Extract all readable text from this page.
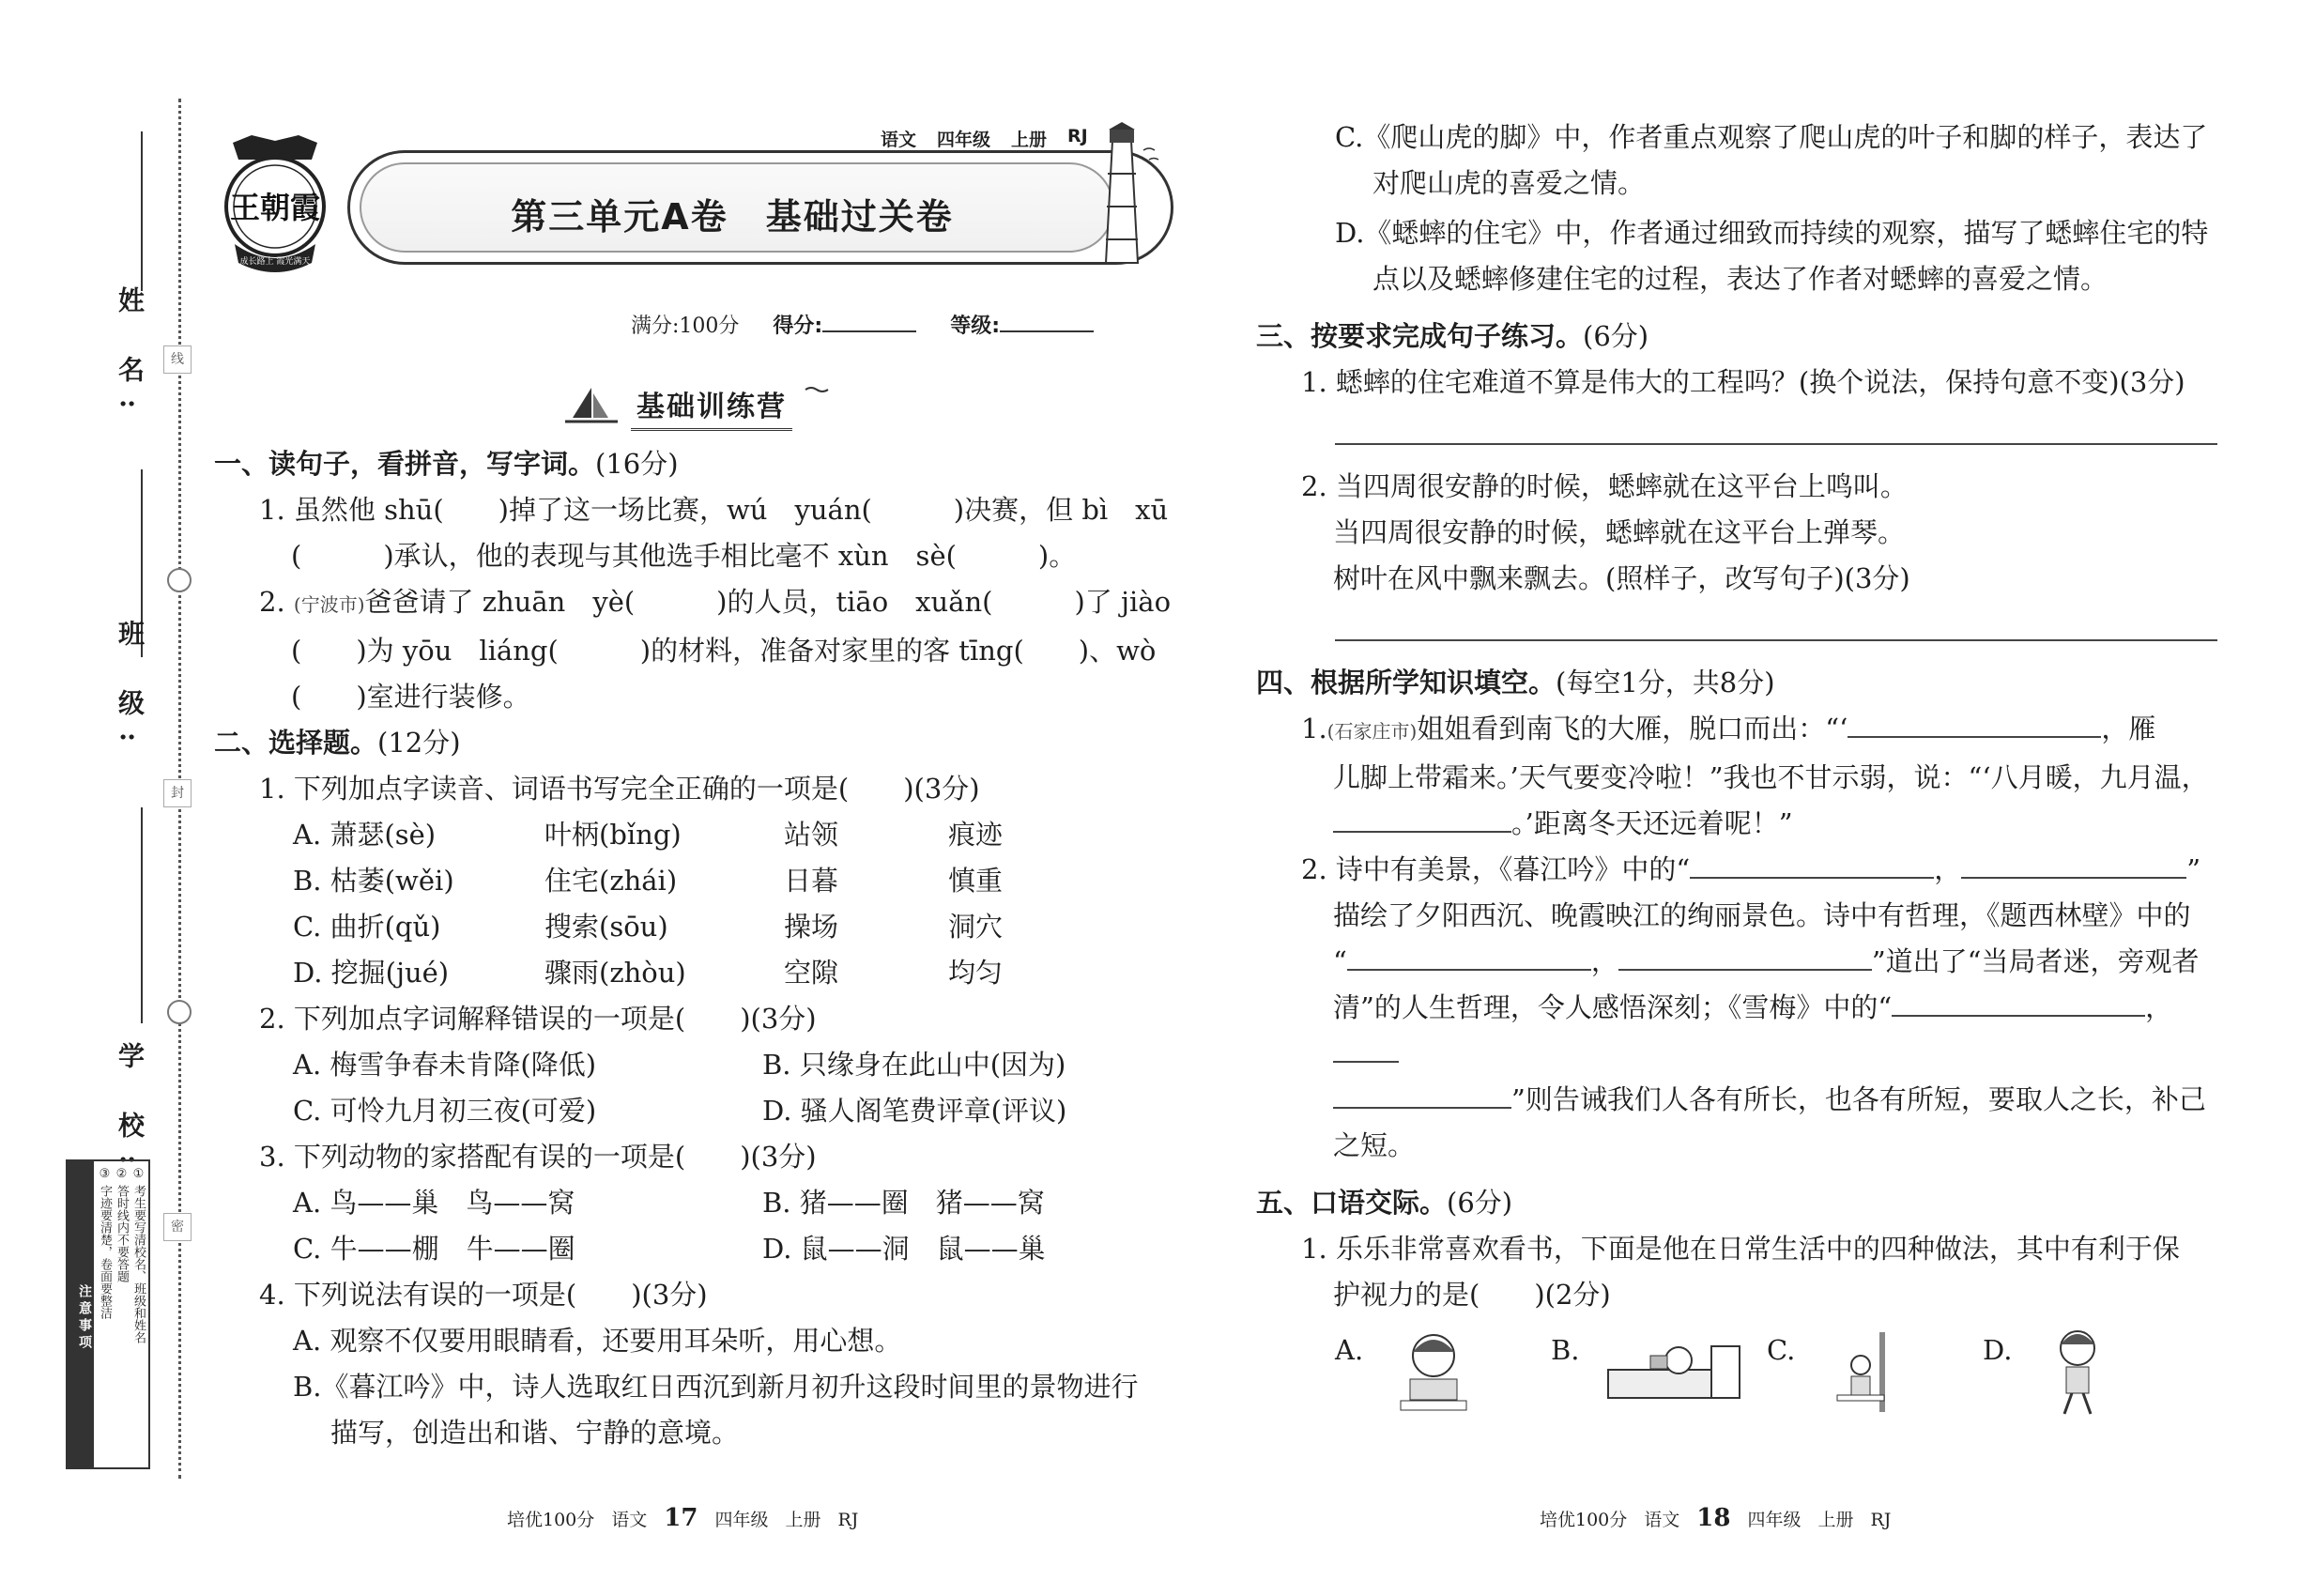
姓 名:
班 级:
学 校:
线
封
密
注意事项	① 考生要写清校名、班级和姓名
② 答时线内不要答题
③ 字迹要清楚，卷面要整洁
王朝霞
成长路上 霞光满天
语文 四年级 上册 RJ
第三单元A卷　基础过关卷
满分:100分 得分:	等级:
基础训练营
一、读句子，看拼音，写字词。(16分)
1. 虽然他 shū(　　)掉了这一场比赛，wú　yuán(　　　)决赛，但 bì　xū
(　　　)承认，他的表现与其他选手相比毫不 xùn　sè(　　　)。
2. (宁波市)爸爸请了 zhuān　yè(　　　)的人员，tiāo　xuǎn(　　　)了 jiào
(　　)为 yōu　liáng(　　　)的材料，准备对家里的客 tīng(　　)、wò
(　　)室进行装修。
二、选择题。(12分)
1. 下列加点字读音、词语书写完全正确的一项是(　　)(3分)
A. 萧瑟(sè)	叶柄(bǐng)	站领	痕迹
B. 枯萎(wěi)	住宅(zhái)	日暮	慎重
C. 曲折(qǔ)	搜索(sōu)	操场	洞穴
D. 挖掘(jué)	骤雨(zhòu)	空隙	均匀
2. 下列加点字词解释错误的一项是(　　)(3分)
A. 梅雪争春未肯降(降低)	B. 只缘身在此山中(因为)
C. 可怜九月初三夜(可爱)	D. 骚人阁笔费评章(评议)
3. 下列动物的家搭配有误的一项是(　　)(3分)
A. 鸟——巢　鸟——窝	B. 猪——圈　猪——窝
C. 牛——棚　牛——圈	D. 鼠——洞　鼠——巢
4. 下列说法有误的一项是(　　)(3分)
A. 观察不仅要用眼睛看，还要用耳朵听，用心想。
B.《暮江吟》中，诗人选取红日西沉到新月初升这段时间里的景物进行
描写，创造出和谐、宁静的意境。
C.《爬山虎的脚》中，作者重点观察了爬山虎的叶子和脚的样子，表达了
对爬山虎的喜爱之情。
D.《蟋蟀的住宅》中，作者通过细致而持续的观察，描写了蟋蟀住宅的特
点以及蟋蟀修建住宅的过程，表达了作者对蟋蟀的喜爱之情。
三、按要求完成句子练习。(6分)
1. 蟋蟀的住宅难道不算是伟大的工程吗？(换个说法，保持句意不变)(3分)
2. 当四周很安静的时候，蟋蟀就在这平台上鸣叫。
当四周很安静的时候，蟋蟀就在这平台上弹琴。
树叶在风中飘来飘去。(照样子，改写句子)(3分)
四、根据所学知识填空。(每空1分，共8分)
1.(石家庄市)姐姐看到南飞的大雁，脱口而出：“‘	，雁
儿脚上带霜来。’天气要变冷啦！”我也不甘示弱，说：“‘八月暖，九月温，
。’距离冬天还远着呢！”
2. 诗中有美景，《暮江吟》中的“	，	”
描绘了夕阳西沉、晚霞映江的绚丽景色。诗中有哲理，《题西林壁》中的
“	，	”道出了“当局者迷，旁观者
清”的人生哲理，令人感悟深刻；《雪梅》中的“	，
”则告诫我们人各有所长，也各有所短，要取人之长，补己
之短。
五、口语交际。(6分)
1. 乐乐非常喜欢看书，下面是他在日常生活中的四种做法，其中有利于保
护视力的是(　　)(2分)
A.	B.	C.	D.
培优100分 语文 17 四年级 上册 RJ	培优100分 语文 18 四年级 上册 RJ
